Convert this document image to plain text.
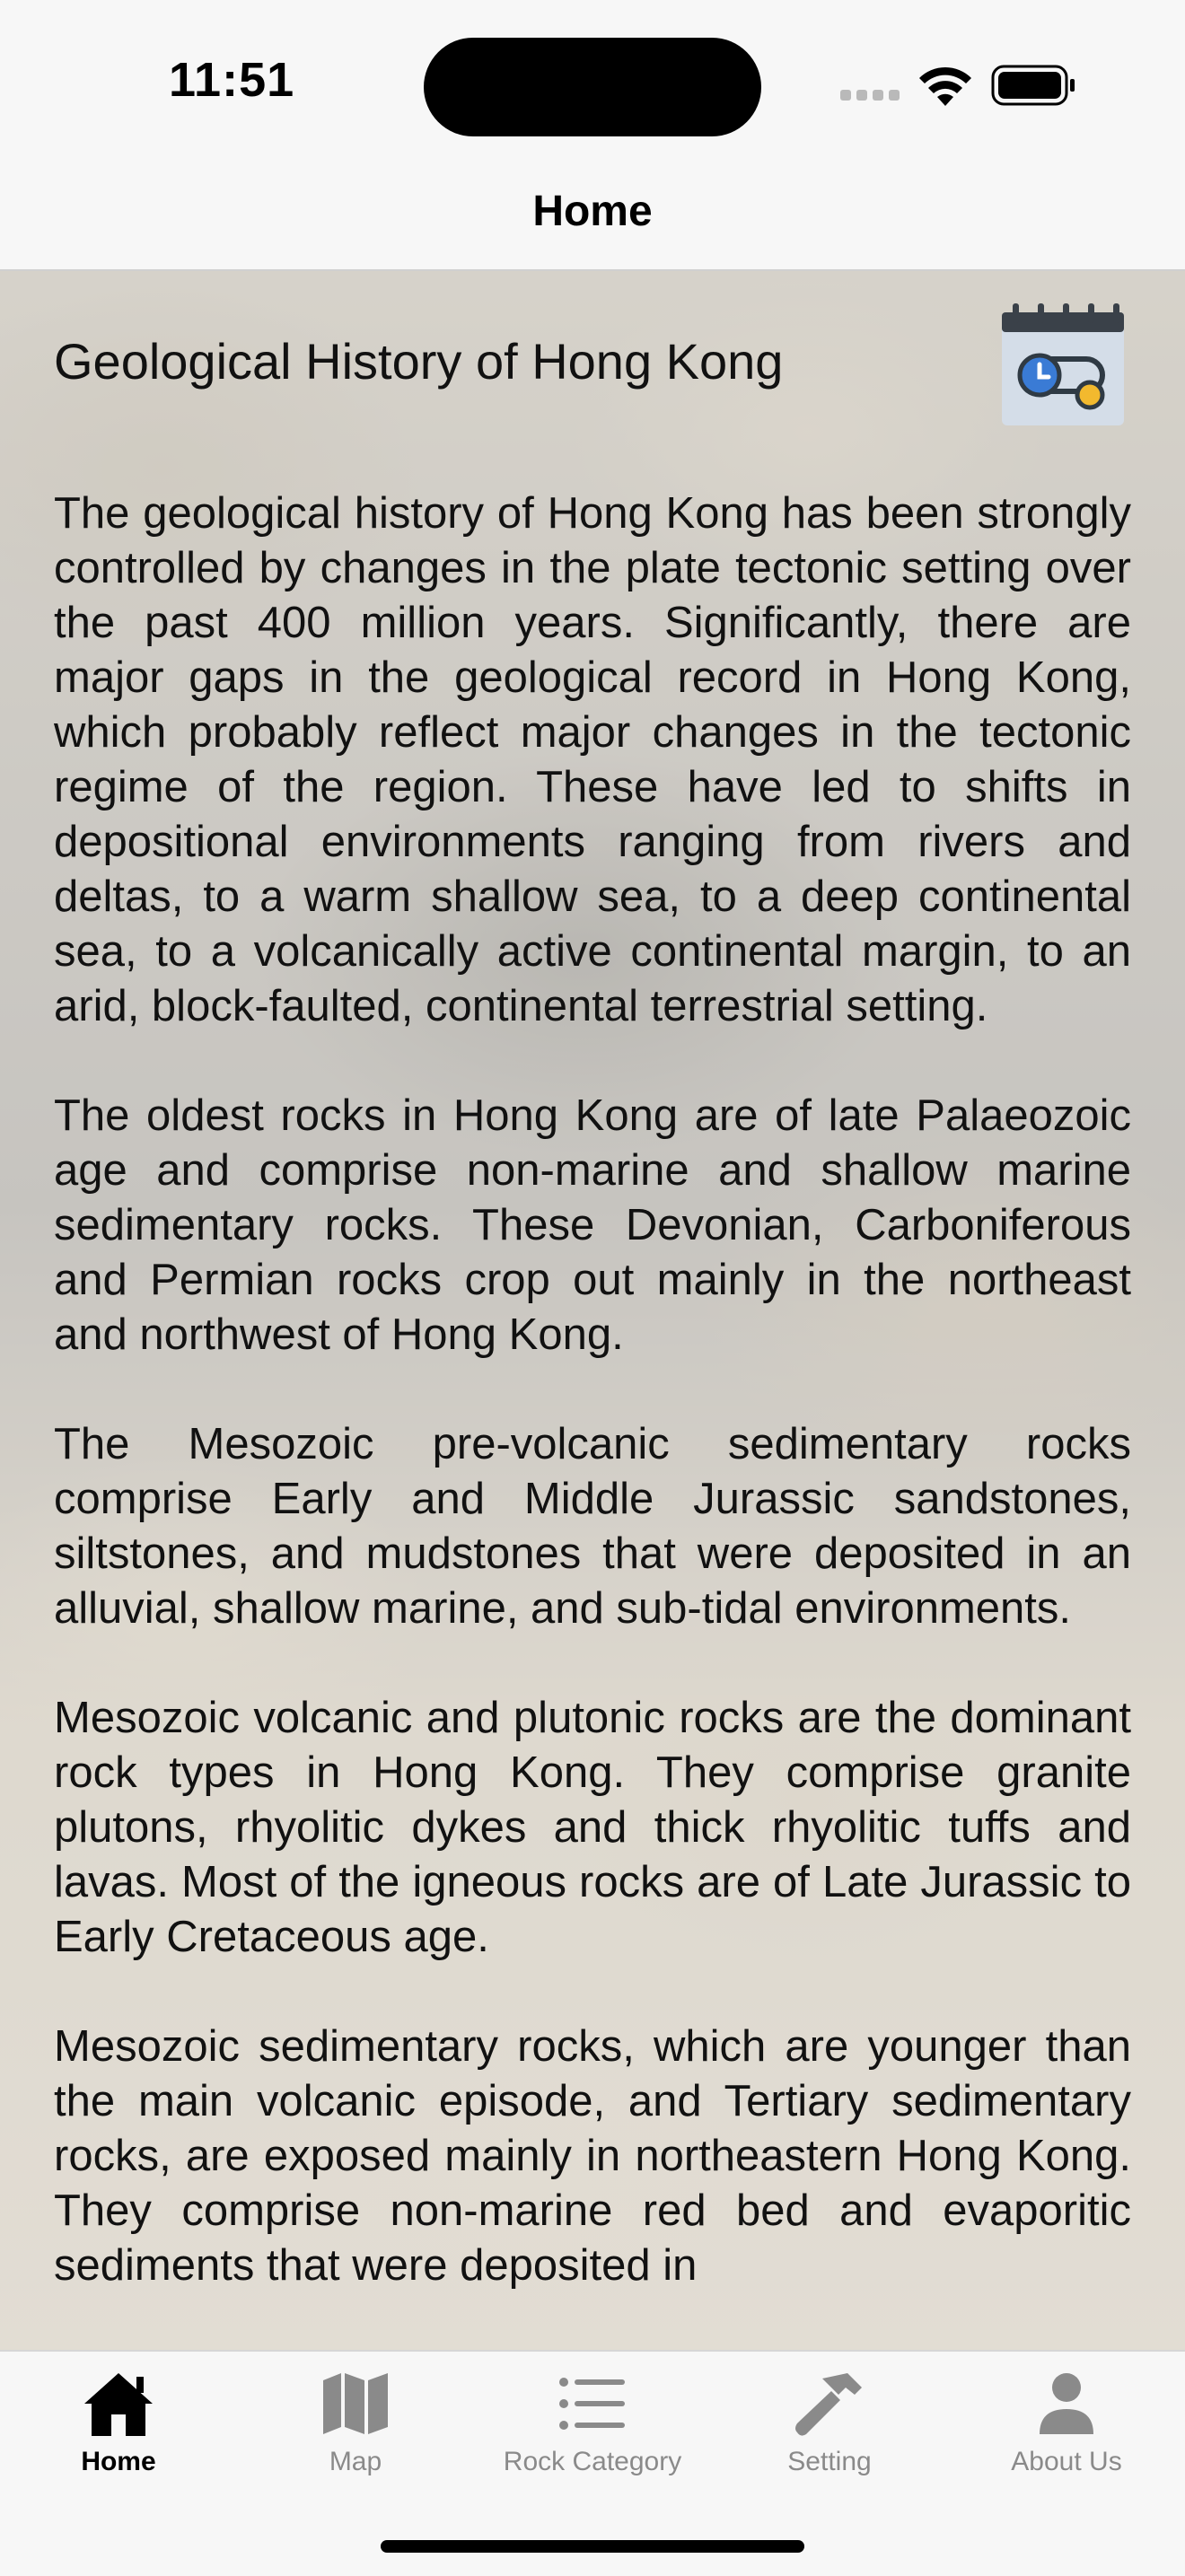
11:51
Home
Geological History of Hong Kong

The geological history of Hong Kong has been strongly controlled by changes in the plate tectonic setting over the past 400 million years. Significantly, there are major gaps in the geological record in Hong Kong, which probably reflect major changes in the tectonic regime of the region. These have led to shifts in depositional environments ranging from rivers and deltas, to a warm shallow sea, to a deep continental sea, to a volcanically active continental margin, to an arid, block-faulted, continental terrestrial setting.

The oldest rocks in Hong Kong are of late Palaeozoic age and comprise non-marine and shallow marine sedimentary rocks. These Devonian, Carboniferous and Permian rocks crop out mainly in the northeast and northwest of Hong Kong.

The Mesozoic pre-volcanic sedimentary rocks comprise Early and Middle Jurassic sandstones, siltstones, and mudstones that were deposited in an alluvial, shallow marine, and sub-tidal environments.

Mesozoic volcanic and plutonic rocks are the dominant rock types in Hong Kong. They comprise granite plutons, rhyolitic dykes and thick rhyolitic tuffs and lavas. Most of the igneous rocks are of Late Jurassic to Early Cretaceous age.

Mesozoic sedimentary rocks, which are younger than the main volcanic episode, and Tertiary sedimentary rocks, are exposed mainly in northeastern Hong Kong. They comprise non-marine red bed and evaporitic sediments that were deposited in

Home	Map	Rock Category	Setting	About Us
